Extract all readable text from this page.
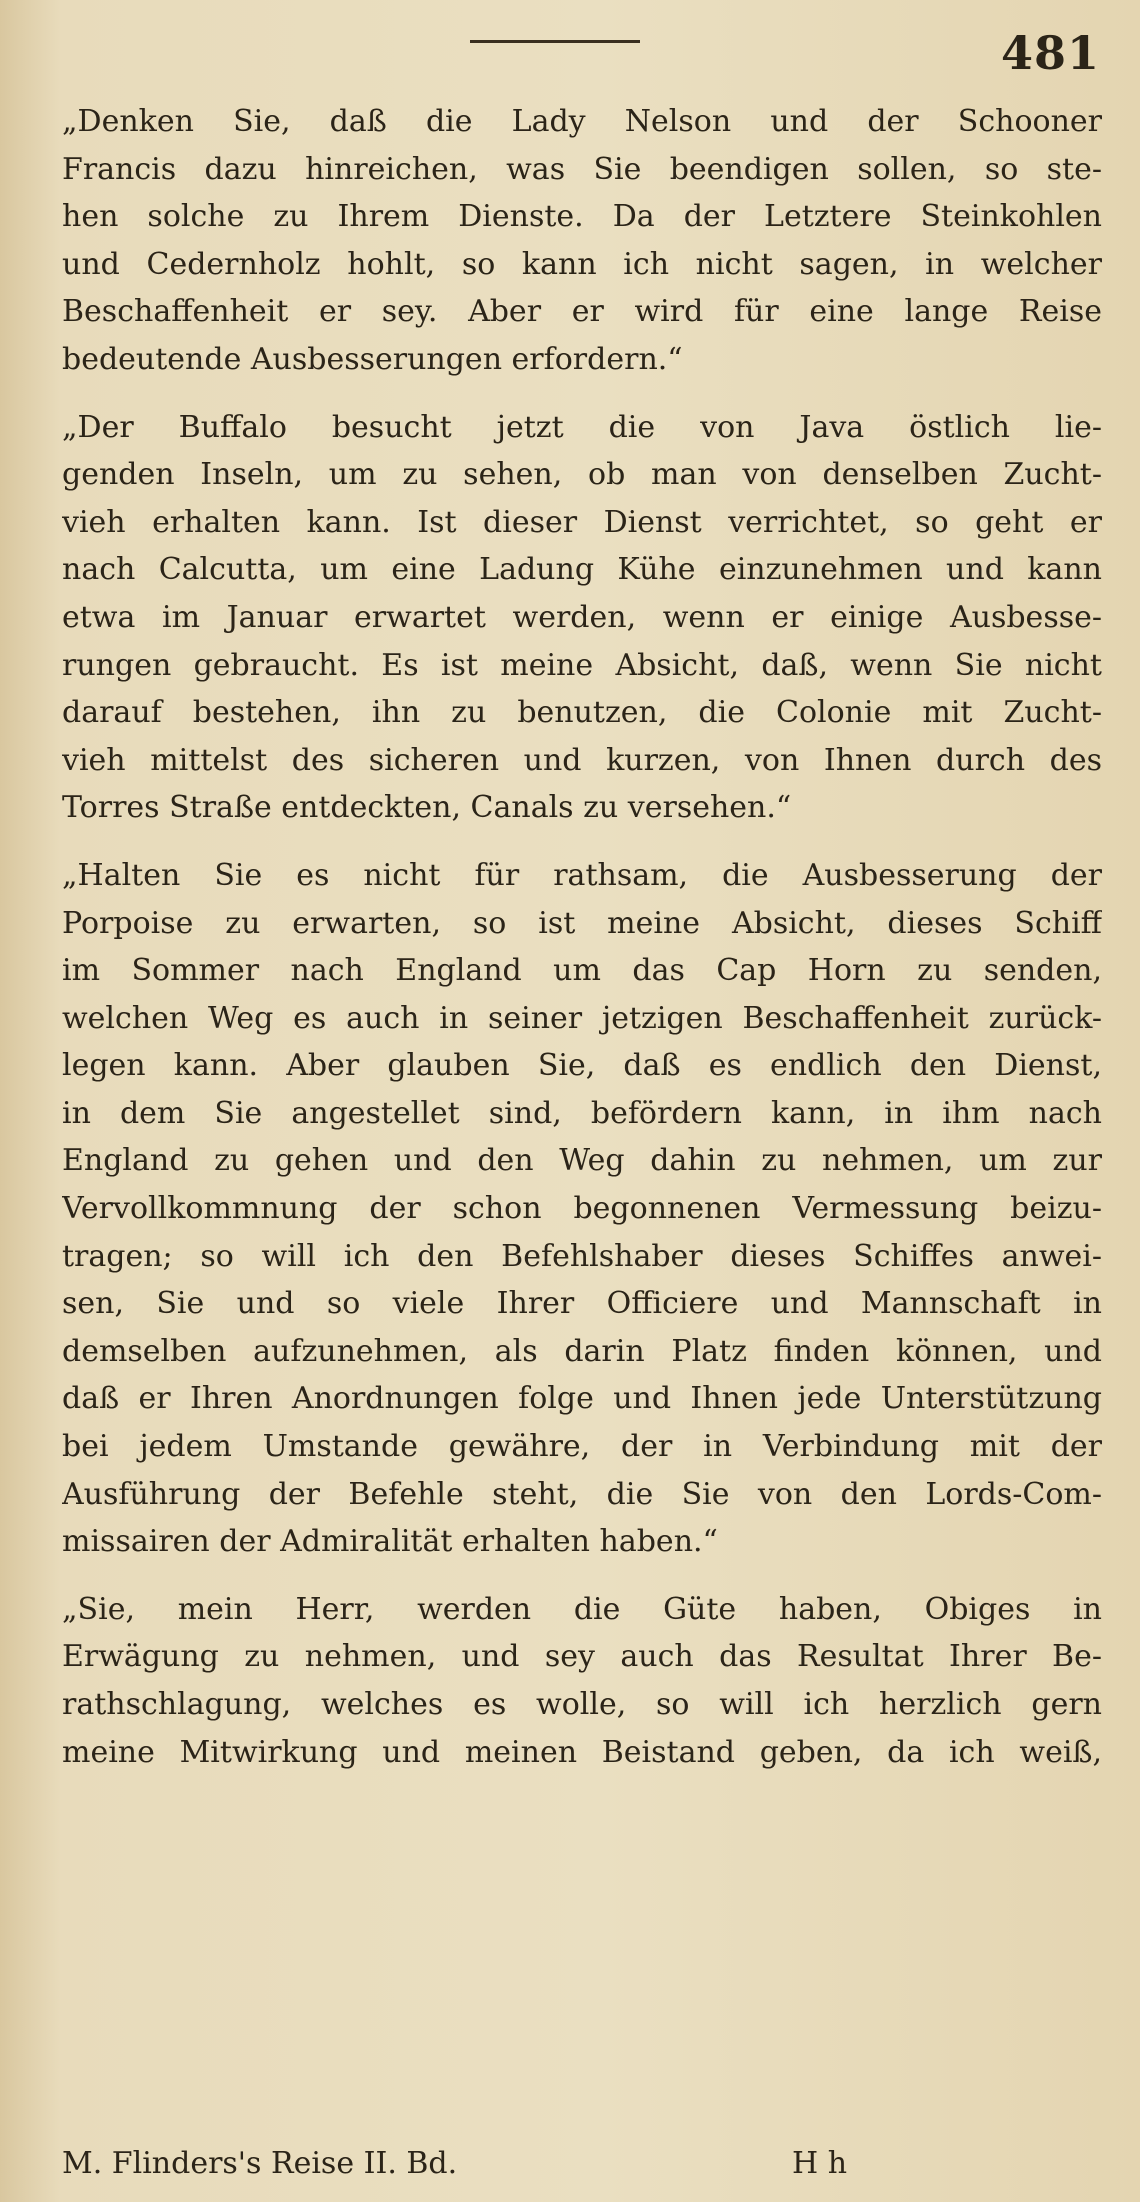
481
„Denken Sie, daß die Lady Nelson und der Schooner
Francis dazu hinreichen, was Sie beendigen sollen, so ste-
hen solche zu Ihrem Dienste. Da der Letztere Steinkohlen
und Cedernholz hohlt, so kann ich nicht sagen, in welcher
Beschaffenheit er sey. Aber er wird für eine lange Reise
bedeutende Ausbesserungen erfordern.“
„Der Buffalo besucht jetzt die von Java östlich lie-
genden Inseln, um zu sehen, ob man von denselben Zucht-
vieh erhalten kann. Ist dieser Dienst verrichtet, so geht er
nach Calcutta, um eine Ladung Kühe einzunehmen und kann
etwa im Januar erwartet werden, wenn er einige Ausbesse-
rungen gebraucht. Es ist meine Absicht, daß, wenn Sie nicht
darauf bestehen, ihn zu benutzen, die Colonie mit Zucht-
vieh mittelst des sicheren und kurzen, von Ihnen durch des
Torres Straße entdeckten, Canals zu versehen.“
„Halten Sie es nicht für rathsam, die Ausbesserung der
Porpoise zu erwarten, so ist meine Absicht, dieses Schiff
im Sommer nach England um das Cap Horn zu senden,
welchen Weg es auch in seiner jetzigen Beschaffenheit zurück-
legen kann. Aber glauben Sie, daß es endlich den Dienst,
in dem Sie angestellet sind, befördern kann, in ihm nach
England zu gehen und den Weg dahin zu nehmen, um zur
Vervollkommnung der schon begonnenen Vermessung beizu-
tragen; so will ich den Befehlshaber dieses Schiffes anwei-
sen, Sie und so viele Ihrer Officiere und Mannschaft in
demselben aufzunehmen, als darin Platz finden können, und
daß er Ihren Anordnungen folge und Ihnen jede Unterstützung
bei jedem Umstande gewähre, der in Verbindung mit der
Ausführung der Befehle steht, die Sie von den Lords-Com-
missairen der Admiralität erhalten haben.“
„Sie, mein Herr, werden die Güte haben, Obiges in
Erwägung zu nehmen, und sey auch das Resultat Ihrer Be-
rathschlagung, welches es wolle, so will ich herzlich gern
meine Mitwirkung und meinen Beistand geben, da ich weiß,
M. Flinders's Reise II. Bd.	H h
